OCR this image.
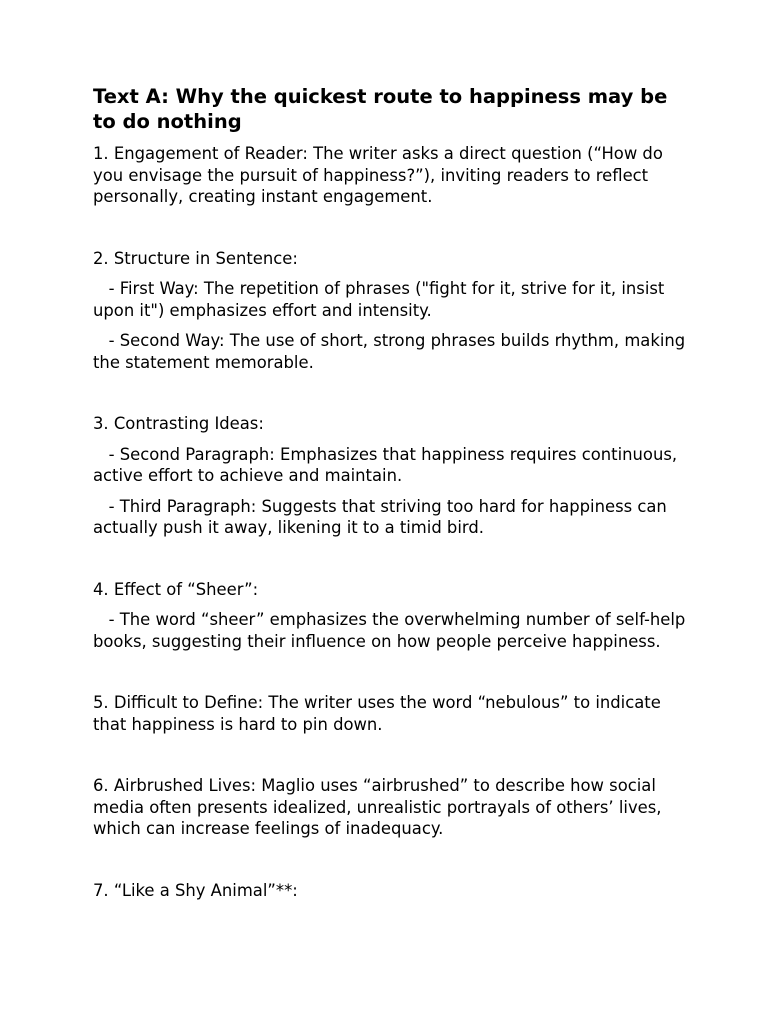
Text A: Why the quickest route to happiness may be to do nothing

1. Engagement of Reader: The writer asks a direct question (“How do you envisage the pursuit of happiness?”), inviting readers to reflect personally, creating instant engagement.

2. Structure in Sentence:

- First Way: The repetition of phrases ("fight for it, strive for it, insist upon it") emphasizes effort and intensity.

- Second Way: The use of short, strong phrases builds rhythm, making the statement memorable.

3. Contrasting Ideas:

- Second Paragraph: Emphasizes that happiness requires continuous, active effort to achieve and maintain.

- Third Paragraph: Suggests that striving too hard for happiness can actually push it away, likening it to a timid bird.

4. Effect of “Sheer”:

- The word “sheer” emphasizes the overwhelming number of self-help books, suggesting their influence on how people perceive happiness.

5. Difficult to Define: The writer uses the word “nebulous” to indicate that happiness is hard to pin down.

6. Airbrushed Lives: Maglio uses “airbrushed” to describe how social media often presents idealized, unrealistic portrayals of others’ lives, which can increase feelings of inadequacy.

7. “Like a Shy Animal”**:
